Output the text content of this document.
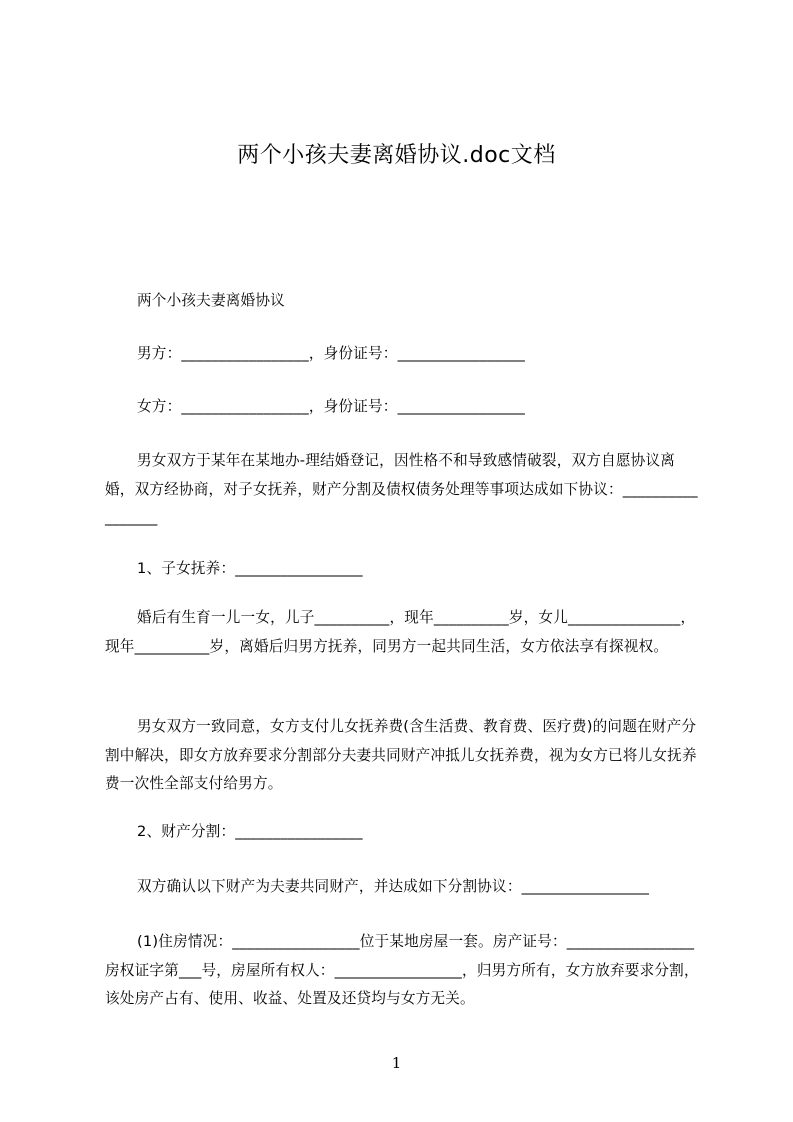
两个小孩夫妻离婚协议.doc文档
两个小孩夫妻离婚协议
男方：_________________，身份证号：_________________
女方：_________________，身份证号：_________________
男女双方于某年在某地办-理结婚登记，因性格不和导致感情破裂，双方自愿协议离婚，双方经协商，对子女抚养，财产分割及债权债务处理等事项达成如下协议：_________________
1、子女抚养：_________________
婚后有生育一儿一女，儿子__________，现年__________岁，女儿_______________，现年__________岁，离婚后归男方抚养，同男方一起共同生活，女方依法享有探视权。
男女双方一致同意，女方支付儿女抚养费(含生活费、教育费、医疗费)的问题在财产分割中解决，即女方放弃要求分割部分夫妻共同财产冲抵儿女抚养费，视为女方已将儿女抚养费一次性全部支付给男方。
2、财产分割：_________________
双方确认以下财产为夫妻共同财产，并达成如下分割协议：_________________
(1)住房情况：_________________位于某地房屋一套。房产证号：_________________房权证字第___号，房屋所有权人：_________________，归男方所有，女方放弃要求分割，该处房产占有、使用、收益、处置及还贷均与女方无关。
1
